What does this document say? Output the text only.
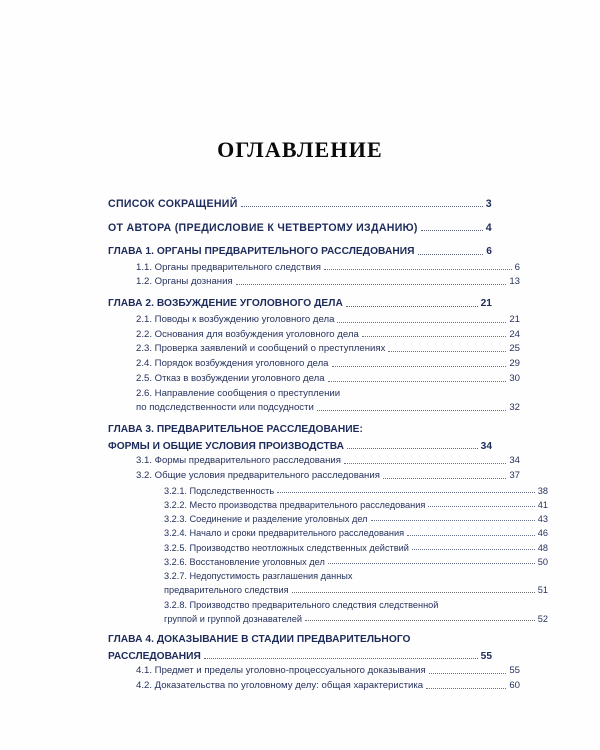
ОГЛАВЛЕНИЕ
СПИСОК СОКРАЩЕНИЙ	3
ОТ АВТОРА (ПРЕДИСЛОВИЕ К ЧЕТВЕРТОМУ ИЗДАНИЮ)	4
ГЛАВА 1. ОРГАНЫ ПРЕДВАРИТЕЛЬНОГО РАССЛЕДОВАНИЯ	6
1.1. Органы предварительного следствия	6
1.2. Органы дознания	13
ГЛАВА 2. ВОЗБУЖДЕНИЕ УГОЛОВНОГО ДЕЛА	21
2.1. Поводы к возбуждению уголовного дела	21
2.2. Основания для возбуждения уголовного дела	24
2.3. Проверка заявлений и сообщений о преступлениях	25
2.4. Порядок возбуждения уголовного дела	29
2.5. Отказ в возбуждении уголовного дела	30
2.6. Направление сообщения о преступлении
по подследственности или подсудности	32
ГЛАВА 3. ПРЕДВАРИТЕЛЬНОЕ РАССЛЕДОВАНИЕ:
ФОРМЫ И ОБЩИЕ УСЛОВИЯ ПРОИЗВОДСТВА	34
3.1. Формы предварительного расследования	34
3.2. Общие условия предварительного расследования	37
3.2.1. Подследственность	38
3.2.2. Место производства предварительного расследования	41
3.2.3. Соединение и разделение уголовных дел	43
3.2.4. Начало и сроки предварительного расследования	46
3.2.5. Производство неотложных следственных действий	48
3.2.6. Восстановление уголовных дел	50
3.2.7. Недопустимость разглашения данных
предварительного следствия	51
3.2.8. Производство предварительного следствия следственной
группой и группой дознавателей	52
ГЛАВА 4. ДОКАЗЫВАНИЕ В СТАДИИ ПРЕДВАРИТЕЛЬНОГО
РАССЛЕДОВАНИЯ	55
4.1. Предмет и пределы уголовно-процессуального доказывания	55
4.2. Доказательства по уголовному делу: общая характеристика	60
